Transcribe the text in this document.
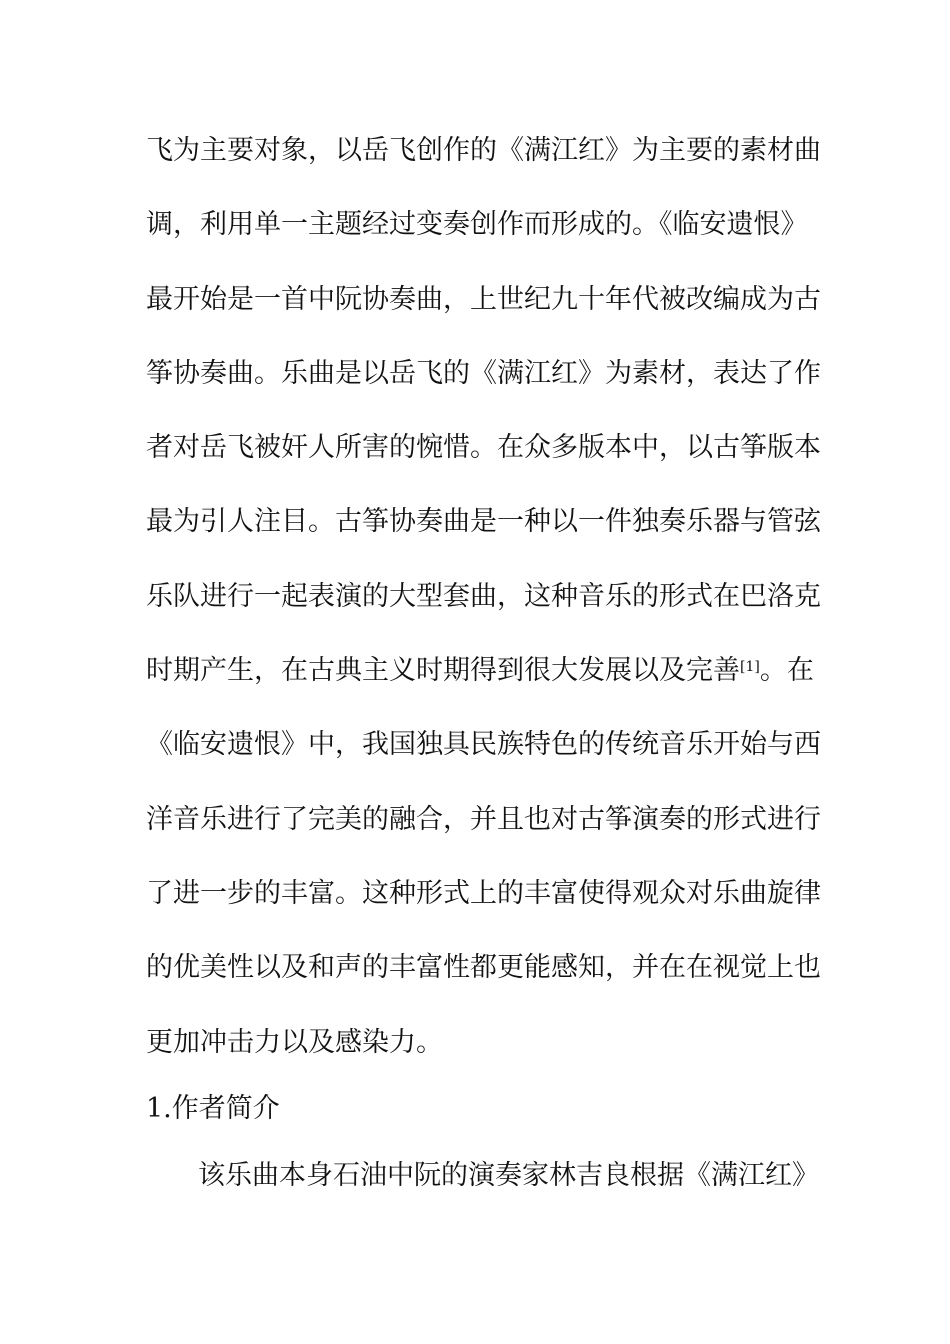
飞为主要对象，以岳飞创作的《满江红》为主要的素材曲
调，利用单一主题经过变奏创作而形成的。《临安遗恨》
最开始是一首中阮协奏曲，上世纪九十年代被改编成为古
筝协奏曲。乐曲是以岳飞的《满江红》为素材，表达了作
者对岳飞被奸人所害的惋惜。在众多版本中，以古筝版本
最为引人注目。古筝协奏曲是一种以一件独奏乐器与管弦
乐队进行一起表演的大型套曲，这种音乐的形式在巴洛克
时期产生，在古典主义时期得到很大发展以及完善[1]。在
《临安遗恨》中，我国独具民族特色的传统音乐开始与西
洋音乐进行了完美的融合，并且也对古筝演奏的形式进行
了进一步的丰富。这种形式上的丰富使得观众对乐曲旋律
的优美性以及和声的丰富性都更能感知，并在在视觉上也
更加冲击力以及感染力。
1.作者简介
该乐曲本身石油中阮的演奏家林吉良根据《满江红》
